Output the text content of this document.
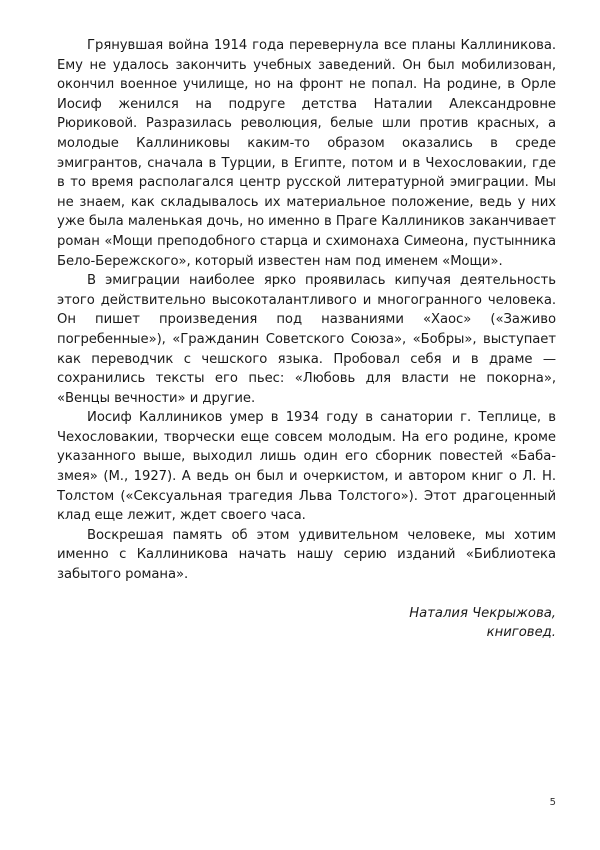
Грянувшая война 1914 года перевернула все планы Каллиникова. Ему не удалось закончить учебных заведений. Он был мобилизован, окончил военное училище, но на фронт не попал. На родине, в Орле Иосиф женился на подруге детства Наталии Александровне Рюриковой. Разразилась революция, белые шли против красных, а молодые Каллиниковы каким-то образом оказались в среде эмигрантов, сначала в Турции, в Египте, потом и в Чехословакии, где в то время располагался центр русской литературной эмиграции. Мы не знаем, как складывалось их материальное положение, ведь у них уже была маленькая дочь, но именно в Праге Каллиников заканчивает роман «Мощи преподобного старца и схимонаха Симеона, пустынника Бело-Бережского», который известен нам под именем «Мощи».

В эмиграции наиболее ярко проявилась кипучая деятельность этого действительно высокоталантливого и многогранного человека. Он пишет произведения под названиями «Хаос» («Заживо погребенные»), «Гражданин Советского Союза», «Бобры», выступает как переводчик с чешского языка. Пробовал себя и в драме — сохранились тексты его пьес: «Любовь для власти не покорна», «Венцы вечности» и другие.

Иосиф Каллиников умер в 1934 году в санатории г. Теплице, в Чехословакии, творчески еще совсем молодым. На его родине, кроме указанного выше, выходил лишь один его сборник повестей «Баба-змея» (М., 1927). А ведь он был и очеркистом, и автором книг о Л. Н. Толстом («Сексуальная трагедия Льва Толстого»). Этот драгоценный клад еще лежит, ждет своего часа.

Воскрешая память об этом удивительном человеке, мы хотим именно с Каллиникова начать нашу серию изданий «Библиотека забытого романа».

Наталия Чекрыжова,
книговед.
5
